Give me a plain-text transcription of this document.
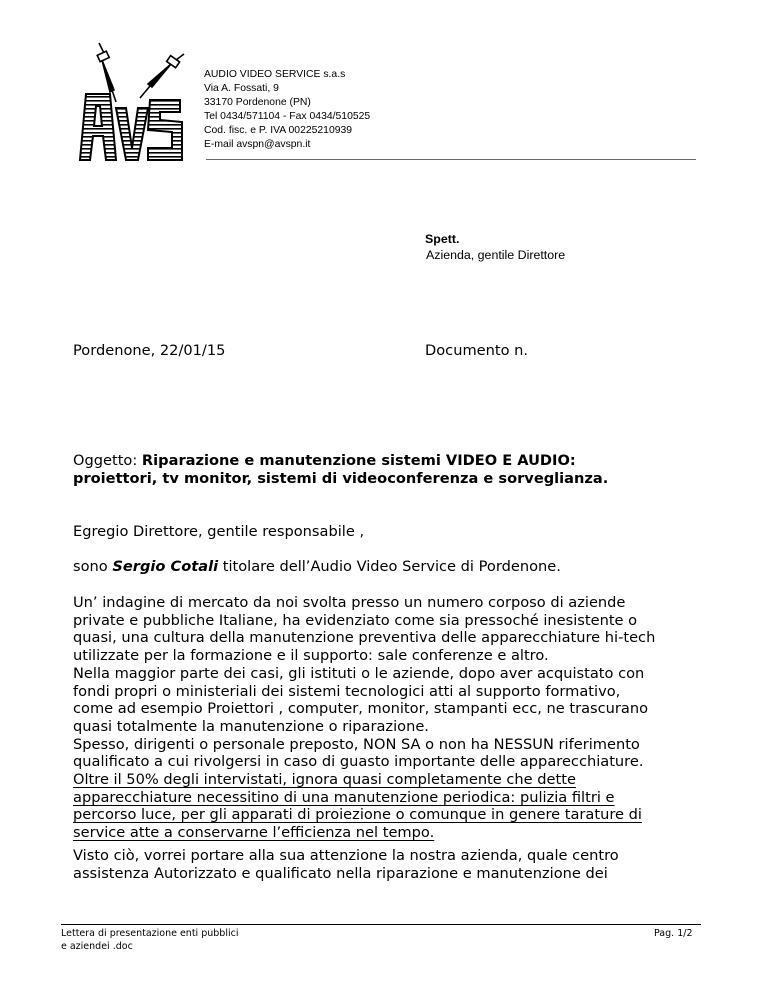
AUDIO VIDEO SERVICE s.a.s
Via A. Fossati, 9
33170 Pordenone (PN)
Tel 0434/571104 - Fax 0434/510525
Cod. fisc. e P. IVA 00225210939
E-mail avspn@avspn.it
Spett.
Azienda, gentile Direttore
Pordenone, 22/01/15	Documento n.

Oggetto: Riparazione e manutenzione sistemi VIDEO E AUDIO:

proiettori, tv monitor, sistemi di videoconferenza e sorveglianza.

Egregio Direttore, gentile responsabile ,

sono Sergio Cotali titolare dell’Audio Video Service di Pordenone.

Un’ indagine di mercato da noi svolta presso un numero corposo di aziende

private e pubbliche Italiane, ha evidenziato come sia pressoché inesistente o

quasi, una cultura della manutenzione preventiva delle apparecchiature hi-tech

utilizzate per la formazione e il supporto: sale conferenze e altro.

Nella maggior parte dei casi, gli istituti o le aziende, dopo aver acquistato con

fondi propri o ministeriali dei sistemi tecnologici atti al supporto formativo,

come ad esempio Proiettori , computer, monitor, stampanti ecc, ne trascurano

quasi totalmente la manutenzione o riparazione.

Spesso, dirigenti o personale preposto, NON SA o non ha NESSUN riferimento

qualificato a cui rivolgersi in caso di guasto importante delle apparecchiature.

Oltre il 50% degli intervistati, ignora quasi completamente che dette

apparecchiature necessitino di una manutenzione periodica: pulizia filtri e

percorso luce, per gli apparati di proiezione o comunque in genere tarature di

service atte a conservarne l’efficienza nel tempo.

Visto ciò, vorrei portare alla sua attenzione la nostra azienda, quale centro

assistenza Autorizzato e qualificato nella riparazione e manutenzione dei

Lettera di presentazione enti pubblici
e aziendei .doc
Pag. 1/2
